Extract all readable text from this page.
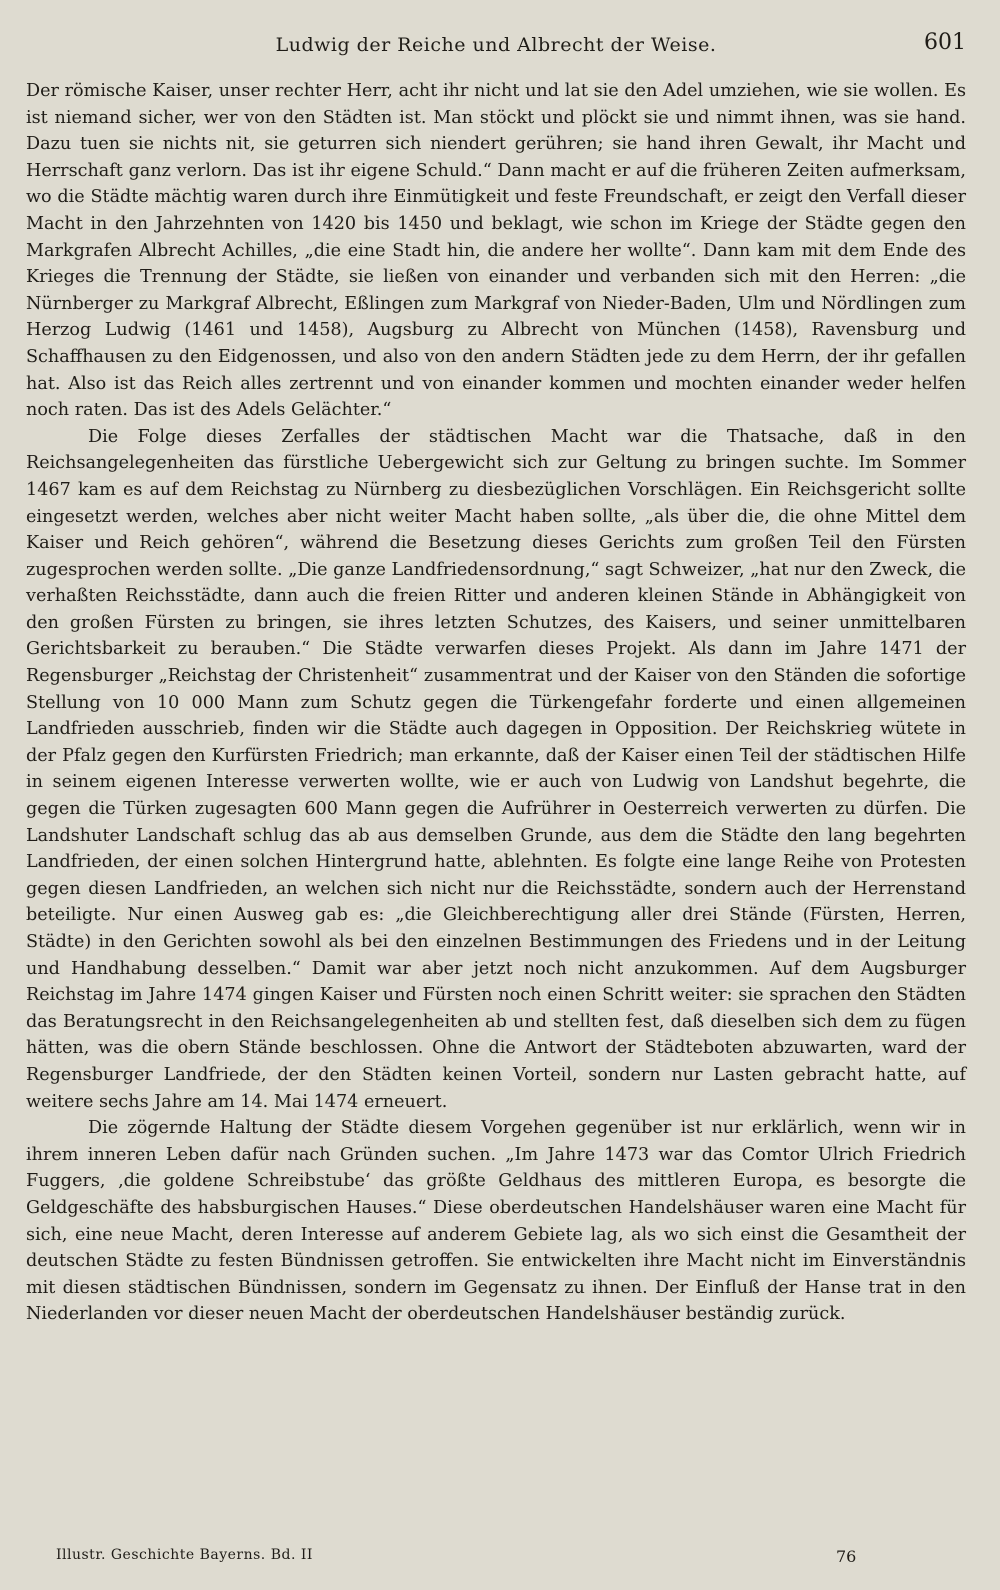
Ludwig der Reiche und Albrecht der Weise.	601

Der römische Kaiser, unser rechter Herr, acht ihr nicht und lat sie den Adel umziehen, wie sie wollen. Es ist niemand sicher, wer von den Städten ist. Man stöckt und plöckt sie und nimmt ihnen, was sie hand. Dazu tuen sie nichts nit, sie geturren sich niendert gerühren; sie hand ihren Gewalt, ihr Macht und Herrschaft ganz verlorn. Das ist ihr eigene Schuld.“ Dann macht er auf die früheren Zeiten aufmerksam, wo die Städte mächtig waren durch ihre Einmütigkeit und feste Freundschaft, er zeigt den Verfall dieser Macht in den Jahrzehnten von 1420 bis 1450 und beklagt, wie schon im Kriege der Städte gegen den Markgrafen Albrecht Achilles, „die eine Stadt hin, die andere her wollte“. Dann kam mit dem Ende des Krieges die Trennung der Städte, sie ließen von einander und verbanden sich mit den Herren: „die Nürnberger zu Markgraf Albrecht, Eßlingen zum Markgraf von Nieder-Baden, Ulm und Nördlingen zum Herzog Ludwig (1461 und 1458), Augsburg zu Albrecht von München (1458), Ravensburg und Schaffhausen zu den Eidgenossen, und also von den andern Städten jede zu dem Herrn, der ihr gefallen hat. Also ist das Reich alles zertrennt und von einander kommen und mochten einander weder helfen noch raten. Das ist des Adels Gelächter.“

Die Folge dieses Zerfalles der städtischen Macht war die Thatsache, daß in den Reichsangelegenheiten das fürstliche Uebergewicht sich zur Geltung zu bringen suchte. Im Sommer 1467 kam es auf dem Reichstag zu Nürnberg zu diesbezüglichen Vorschlägen. Ein Reichsgericht sollte eingesetzt werden, welches aber nicht weiter Macht haben sollte, „als über die, die ohne Mittel dem Kaiser und Reich gehören“, während die Besetzung dieses Gerichts zum großen Teil den Fürsten zugesprochen werden sollte. „Die ganze Landfriedensordnung,“ sagt Schweizer, „hat nur den Zweck, die verhaßten Reichsstädte, dann auch die freien Ritter und anderen kleinen Stände in Abhängigkeit von den großen Fürsten zu bringen, sie ihres letzten Schutzes, des Kaisers, und seiner unmittelbaren Gerichtsbarkeit zu berauben.“ Die Städte verwarfen dieses Projekt. Als dann im Jahre 1471 der Regensburger „Reichstag der Christenheit“ zusammentrat und der Kaiser von den Ständen die sofortige Stellung von 10 000 Mann zum Schutz gegen die Türkengefahr forderte und einen allgemeinen Landfrieden ausschrieb, finden wir die Städte auch dagegen in Opposition. Der Reichskrieg wütete in der Pfalz gegen den Kurfürsten Friedrich; man erkannte, daß der Kaiser einen Teil der städtischen Hilfe in seinem eigenen Interesse verwerten wollte, wie er auch von Ludwig von Landshut begehrte, die gegen die Türken zugesagten 600 Mann gegen die Aufrührer in Oesterreich verwerten zu dürfen. Die Landshuter Landschaft schlug das ab aus demselben Grunde, aus dem die Städte den lang begehrten Landfrieden, der einen solchen Hintergrund hatte, ablehnten. Es folgte eine lange Reihe von Protesten gegen diesen Landfrieden, an welchen sich nicht nur die Reichsstädte, sondern auch der Herrenstand beteiligte. Nur einen Ausweg gab es: „die Gleichberechtigung aller drei Stände (Fürsten, Herren, Städte) in den Gerichten sowohl als bei den einzelnen Bestimmungen des Friedens und in der Leitung und Handhabung desselben.“ Damit war aber jetzt noch nicht anzukommen. Auf dem Augsburger Reichstag im Jahre 1474 gingen Kaiser und Fürsten noch einen Schritt weiter: sie sprachen den Städten das Beratungsrecht in den Reichsangelegenheiten ab und stellten fest, daß dieselben sich dem zu fügen hätten, was die obern Stände beschlossen. Ohne die Antwort der Städteboten abzuwarten, ward der Regensburger Landfriede, der den Städten keinen Vorteil, sondern nur Lasten gebracht hatte, auf weitere sechs Jahre am 14. Mai 1474 erneuert.

Die zögernde Haltung der Städte diesem Vorgehen gegenüber ist nur erklärlich, wenn wir in ihrem inneren Leben dafür nach Gründen suchen. „Im Jahre 1473 war das Comtor Ulrich Friedrich Fuggers, ‚die goldene Schreibstube‘ das größte Geldhaus des mittleren Europa, es besorgte die Geldgeschäfte des habsburgischen Hauses.“ Diese oberdeutschen Handelshäuser waren eine Macht für sich, eine neue Macht, deren Interesse auf anderem Gebiete lag, als wo sich einst die Gesamtheit der deutschen Städte zu festen Bündnissen getroffen. Sie entwickelten ihre Macht nicht im Einverständnis mit diesen städtischen Bündnissen, sondern im Gegensatz zu ihnen. Der Einfluß der Hanse trat in den Niederlanden vor dieser neuen Macht der oberdeutschen Handelshäuser beständig zurück.

Illustr. Geschichte Bayerns. Bd. II	76
